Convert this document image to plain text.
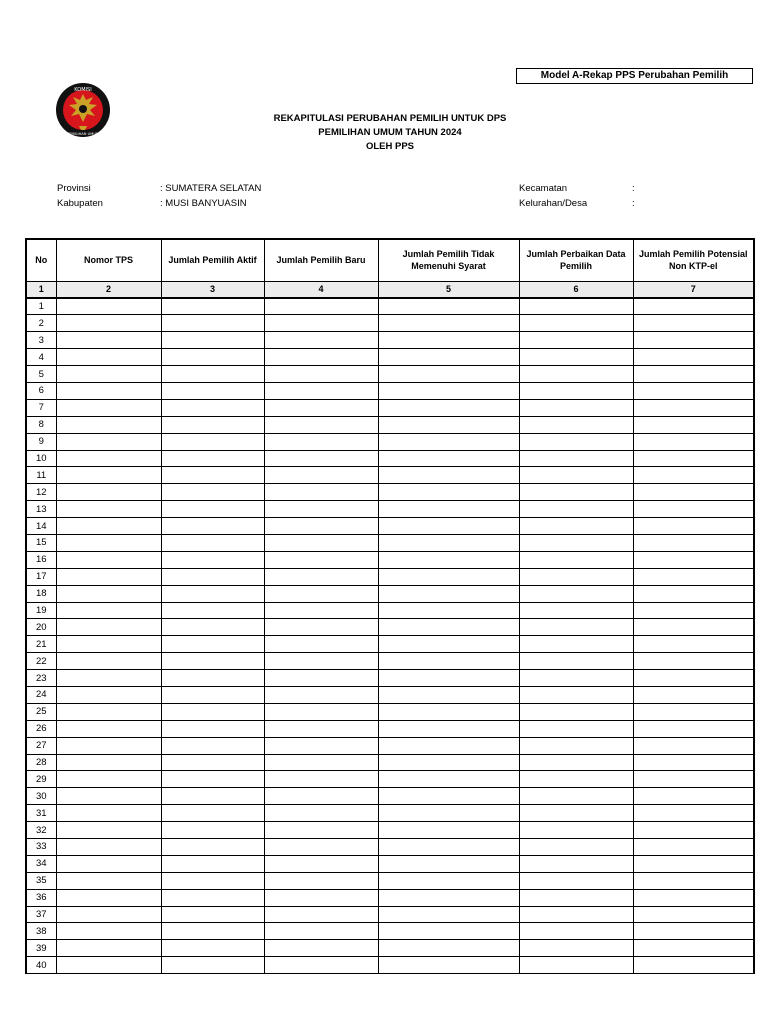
Model A-Rekap PPS Perubahan Pemilih
KOMISI
PEMILIHAN UMUM
REKAPITULASI PERUBAHAN PEMILIH UNTUK DPS
PEMILIHAN UMUM TAHUN 2024
OLEH PPS
Provinsi	: SUMATERA SELATAN
Kabupaten	: MUSI BANYUASIN
Kecamatan	:
Kelurahan/Desa	:
No	Nomor TPS	Jumlah Pemilih Aktif	Jumlah Pemilih Baru	Jumlah Pemilih Tidak Memenuhi Syarat	Jumlah Perbaikan Data Pemilih	Jumlah Pemilih Potensial Non KTP-el
1	2	3	4	5	6	7
1						
2						
3						
4						
5						
6						
7						
8						
9						
10						
11						
12						
13						
14						
15						
16						
17						
18						
19						
20						
21						
22						
23						
24						
25						
26						
27						
28						
29						
30						
31						
32						
33						
34						
35						
36						
37						
38						
39						
40						
